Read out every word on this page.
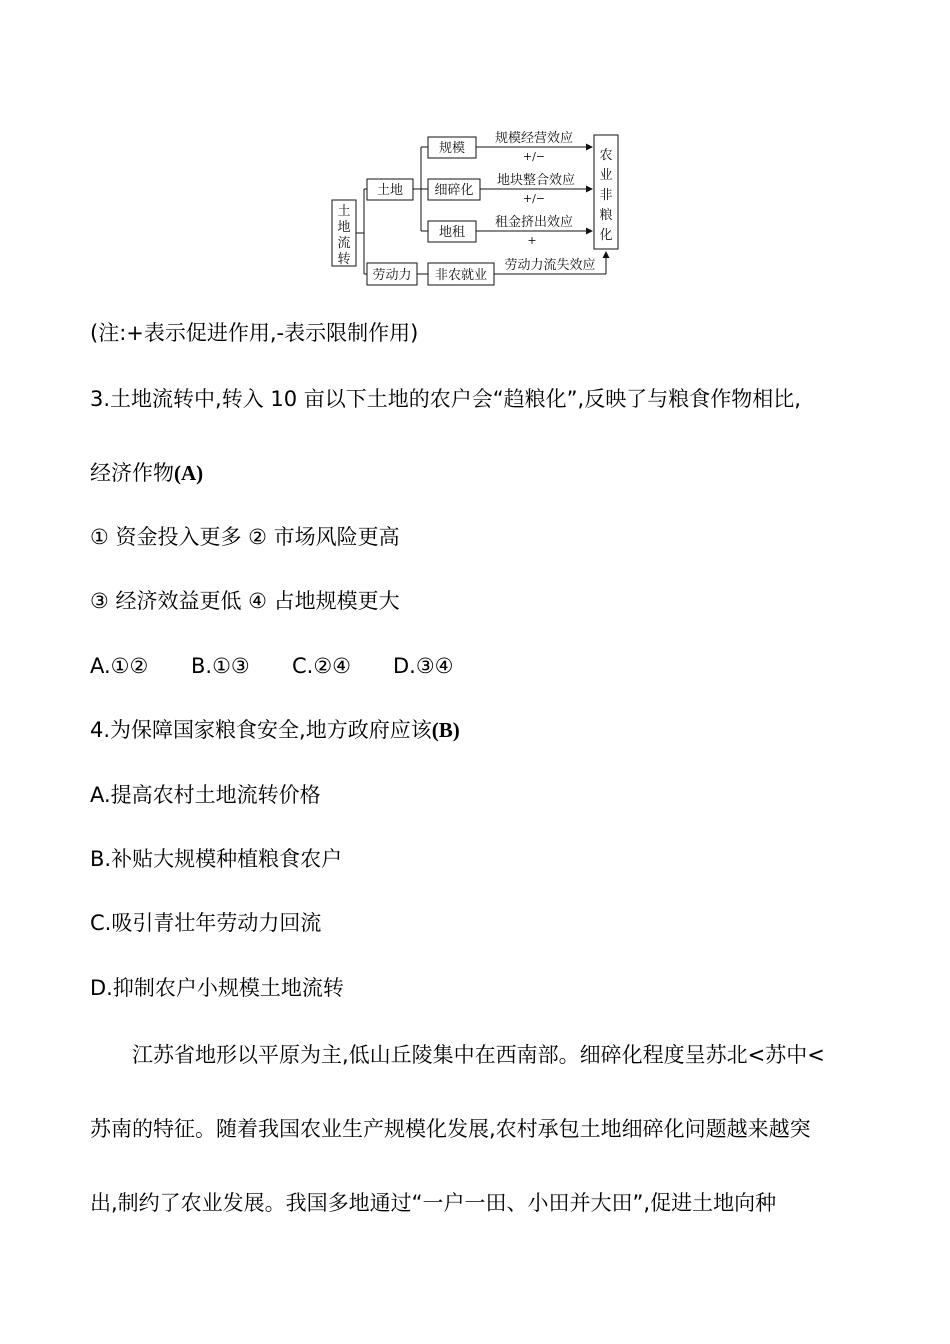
土
地
流
转
土地
劳动力
规模
细碎化
地租
非农就业
规模经营效应
+/−
地块整合效应
+/−
租金挤出效应
+
劳动力流失效应
农
业
非
粮
化
(注:+表示促进作用,-表示限制作用)
3.土地流转中,转入 10 亩以下土地的农户会“趋粮化”,反映了与粮食作物相比,
经济作物(A)
① 资金投入更多 ② 市场风险更高
③ 经济效益更低 ④ 占地规模更大
A.①② B.①③ C.②④ D.③④
4.为保障国家粮食安全,地方政府应该(B)
A.提高农村土地流转价格
B.补贴大规模种植粮食农户
C.吸引青壮年劳动力回流
D.抑制农户小规模土地流转
　　江苏省地形以平原为主,低山丘陵集中在西南部。细碎化程度呈苏北<苏中<
苏南的特征。随着我国农业生产规模化发展,农村承包土地细碎化问题越来越突
出,制约了农业发展。我国多地通过“一户一田、小田并大田”,促进土地向种
